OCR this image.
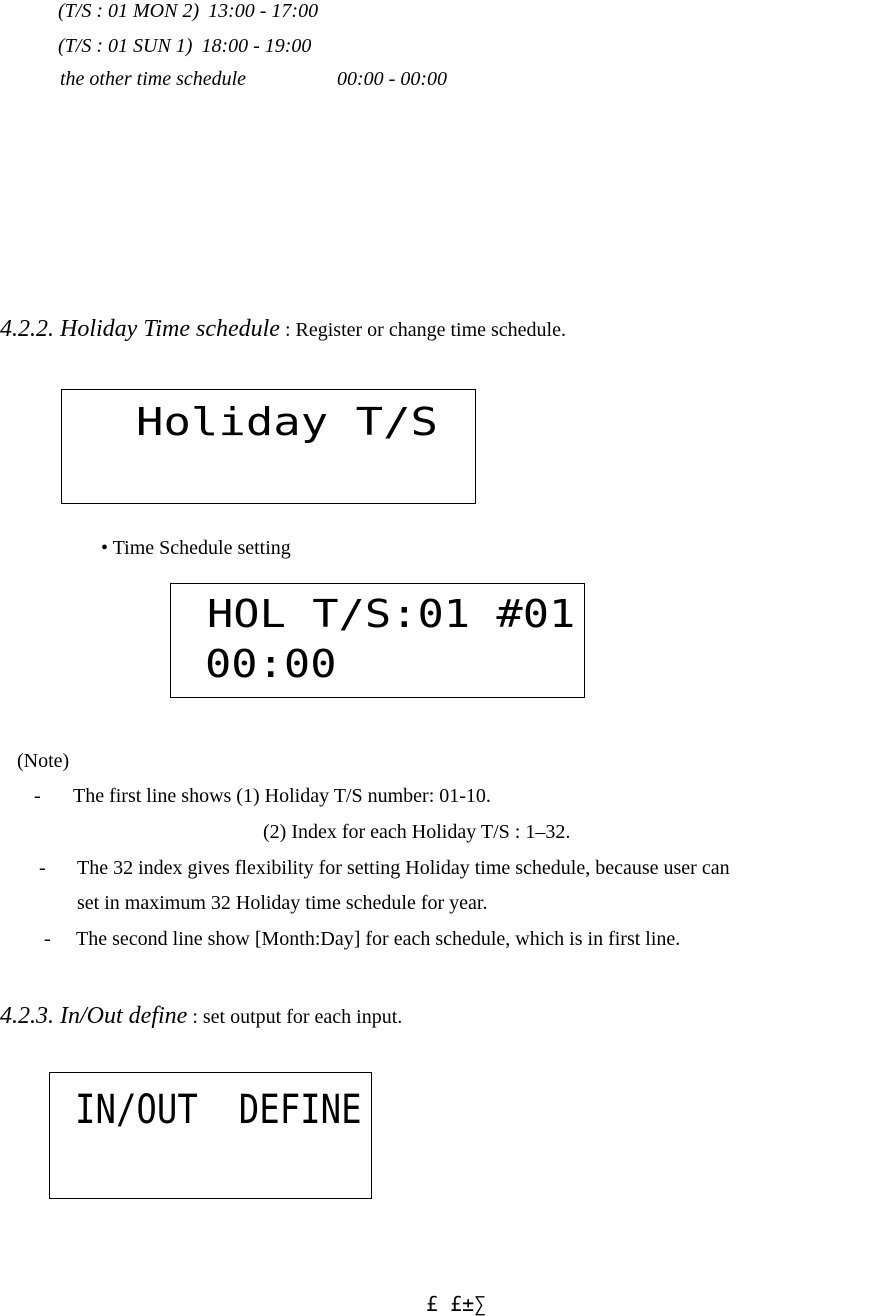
(T/S : 01 MON 2) 13:00 - 17:00
(T/S : 01 SUN 1) 18:00 - 19:00
the other time schedule	00:00 - 00:00
4.2.2. Holiday Time schedule : Register or change time schedule.
Holiday T/S
• Time Schedule setting
HOL T/S:01 #01
00:00
(Note)
- The first line shows (1) Holiday T/S number: 01-10.
(2) Index for each Holiday T/S : 1–32.
- The 32 index gives flexibility for setting Holiday time schedule, because user can
set in maximum 32 Holiday time schedule for year.
- The second line show [Month:Day] for each schedule, which is in first line.
4.2.3. In/Out define : set output for each input.
IN/OUT  DEFINE
£ £±∑
